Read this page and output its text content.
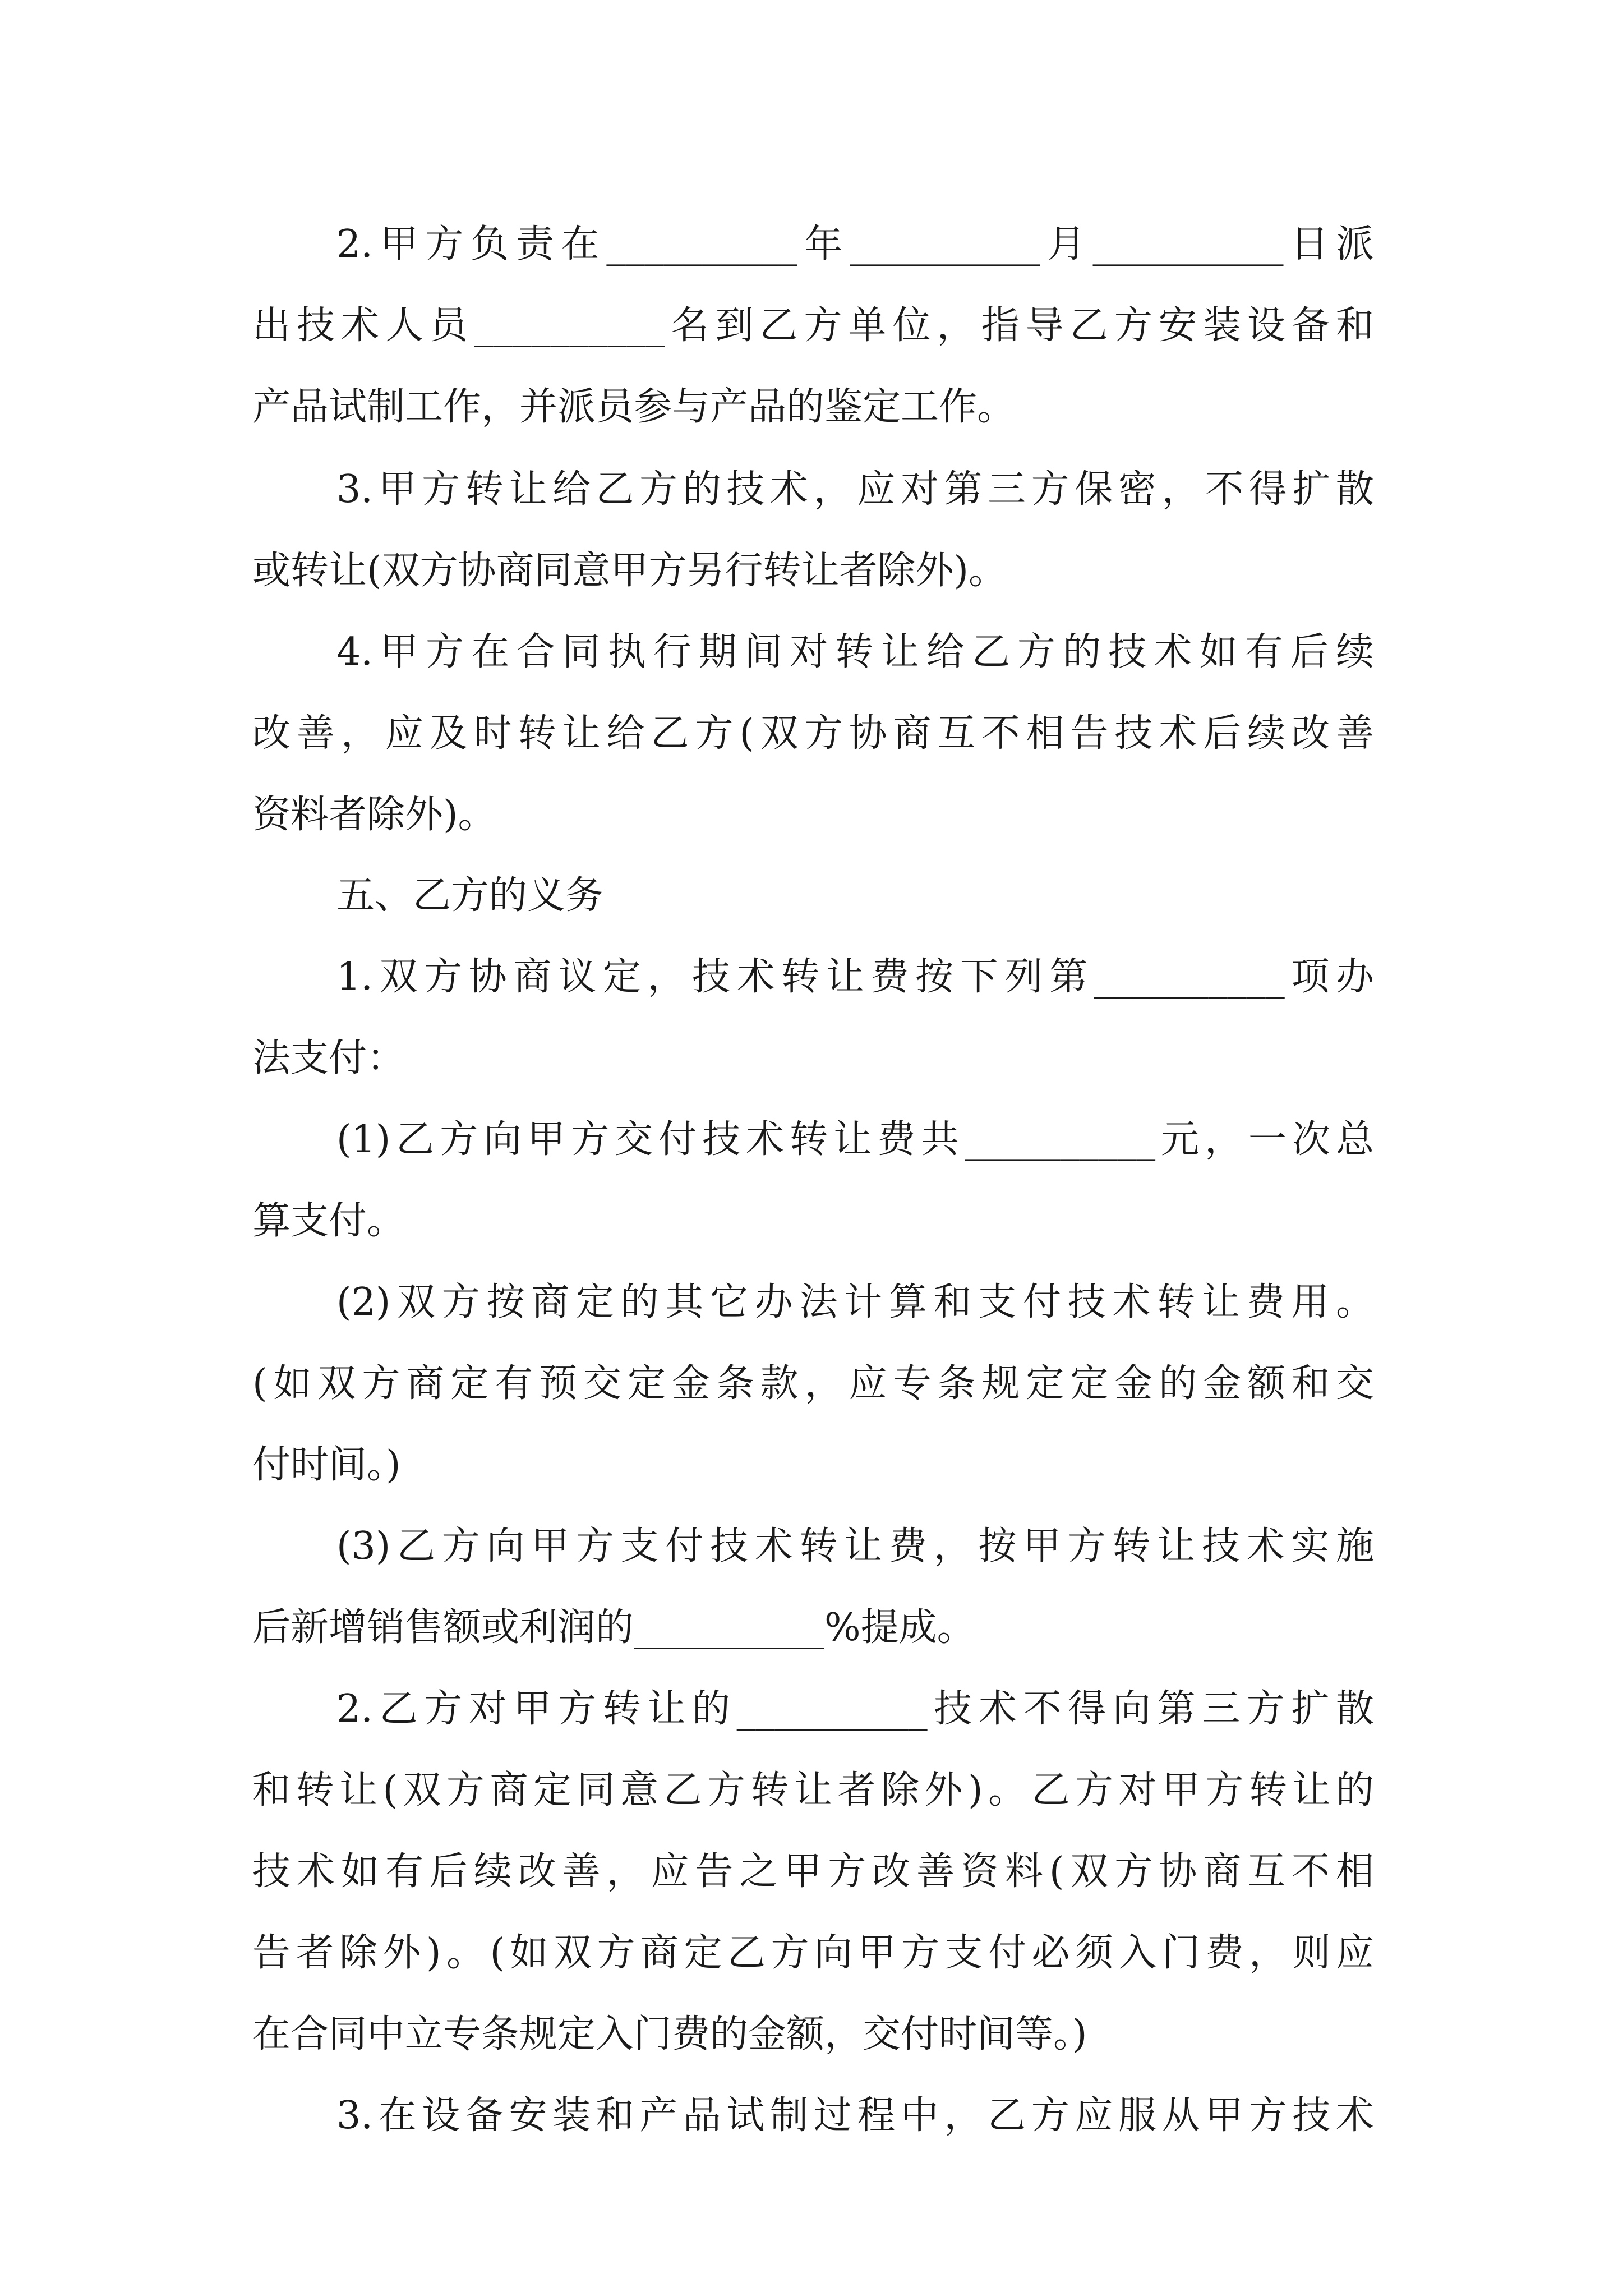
2.甲方负责在__________年__________月__________日派
出技术人员__________名到乙方单位，指导乙方安装设备和
产品试制工作，并派员参与产品的鉴定工作。
3.甲方转让给乙方的技术，应对第三方保密，不得扩散
或转让(双方协商同意甲方另行转让者除外)。
4.甲方在合同执行期间对转让给乙方的技术如有后续
改善，应及时转让给乙方(双方协商互不相告技术后续改善
资料者除外)。
五、乙方的义务
1.双方协商议定，技术转让费按下列第__________项办
法支付：
(1)乙方向甲方交付技术转让费共__________元，一次总
算支付。
(2)双方按商定的其它办法计算和支付技术转让费用。
(如双方商定有预交定金条款，应专条规定定金的金额和交
付时间。)
(3)乙方向甲方支付技术转让费，按甲方转让技术实施
后新增销售额或利润的__________%提成。
2.乙方对甲方转让的__________技术不得向第三方扩散
和转让(双方商定同意乙方转让者除外)。乙方对甲方转让的
技术如有后续改善，应告之甲方改善资料(双方协商互不相
告者除外)。(如双方商定乙方向甲方支付必须入门费，则应
在合同中立专条规定入门费的金额，交付时间等。)
3.在设备安装和产品试制过程中，乙方应服从甲方技术
